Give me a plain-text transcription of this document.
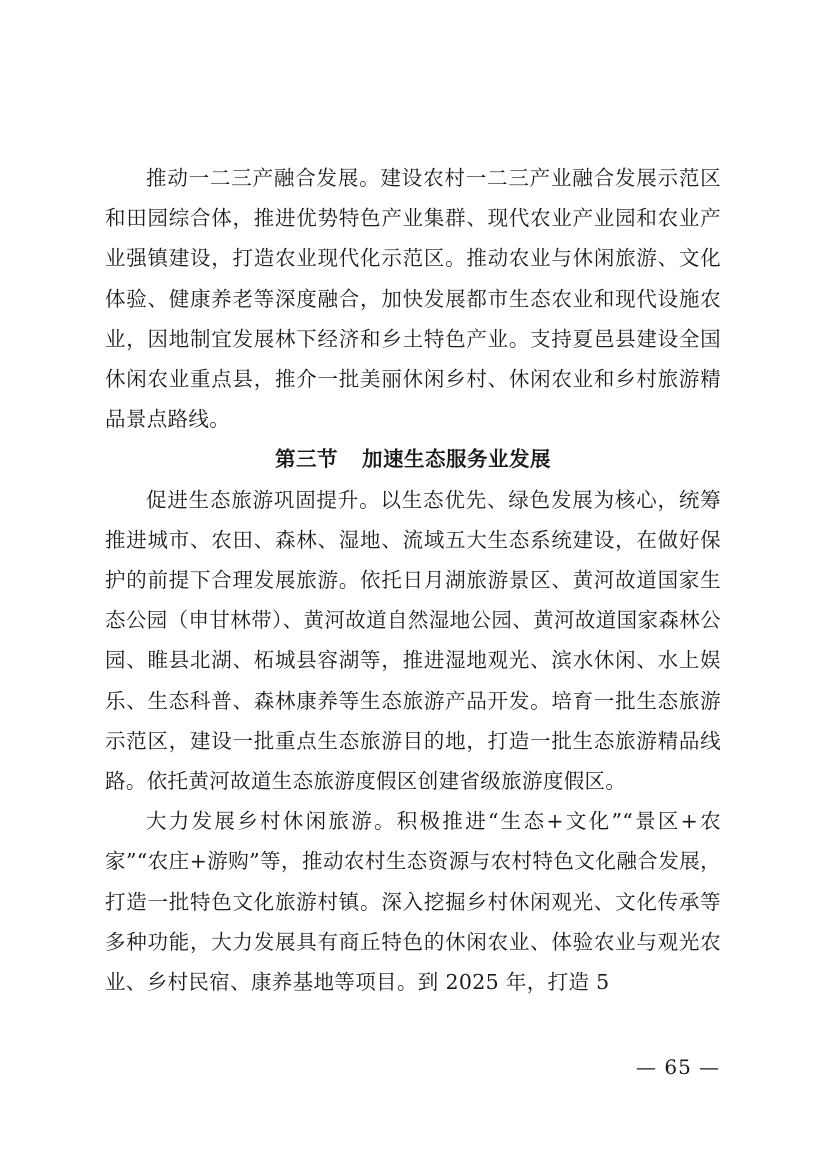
推动一二三产融合发展。建设农村一二三产业融合发展示范区和田园综合体，推进优势特色产业集群、现代农业产业园和农业产业强镇建设，打造农业现代化示范区。推动农业与休闲旅游、文化体验、健康养老等深度融合，加快发展都市生态农业和现代设施农业，因地制宜发展林下经济和乡土特色产业。支持夏邑县建设全国休闲农业重点县，推介一批美丽休闲乡村、休闲农业和乡村旅游精品景点路线。

第三节 加速生态服务业发展

促进生态旅游巩固提升。以生态优先、绿色发展为核心，统筹推进城市、农田、森林、湿地、流域五大生态系统建设，在做好保护的前提下合理发展旅游。依托日月湖旅游景区、黄河故道国家生态公园（申甘林带）、黄河故道自然湿地公园、黄河故道国家森林公园、睢县北湖、柘城县容湖等，推进湿地观光、滨水休闲、水上娱乐、生态科普、森林康养等生态旅游产品开发。培育一批生态旅游示范区，建设一批重点生态旅游目的地，打造一批生态旅游精品线路。依托黄河故道生态旅游度假区创建省级旅游度假区。

大力发展乡村休闲旅游。积极推进“生态+文化”“景区+农家”“农庄+游购”等，推动农村生态资源与农村特色文化融合发展，打造一批特色文化旅游村镇。深入挖掘乡村休闲观光、文化传承等多种功能，大力发展具有商丘特色的休闲农业、体验农业与观光农业、乡村民宿、康养基地等项目。到 2025 年，打造 5

— 65 —
